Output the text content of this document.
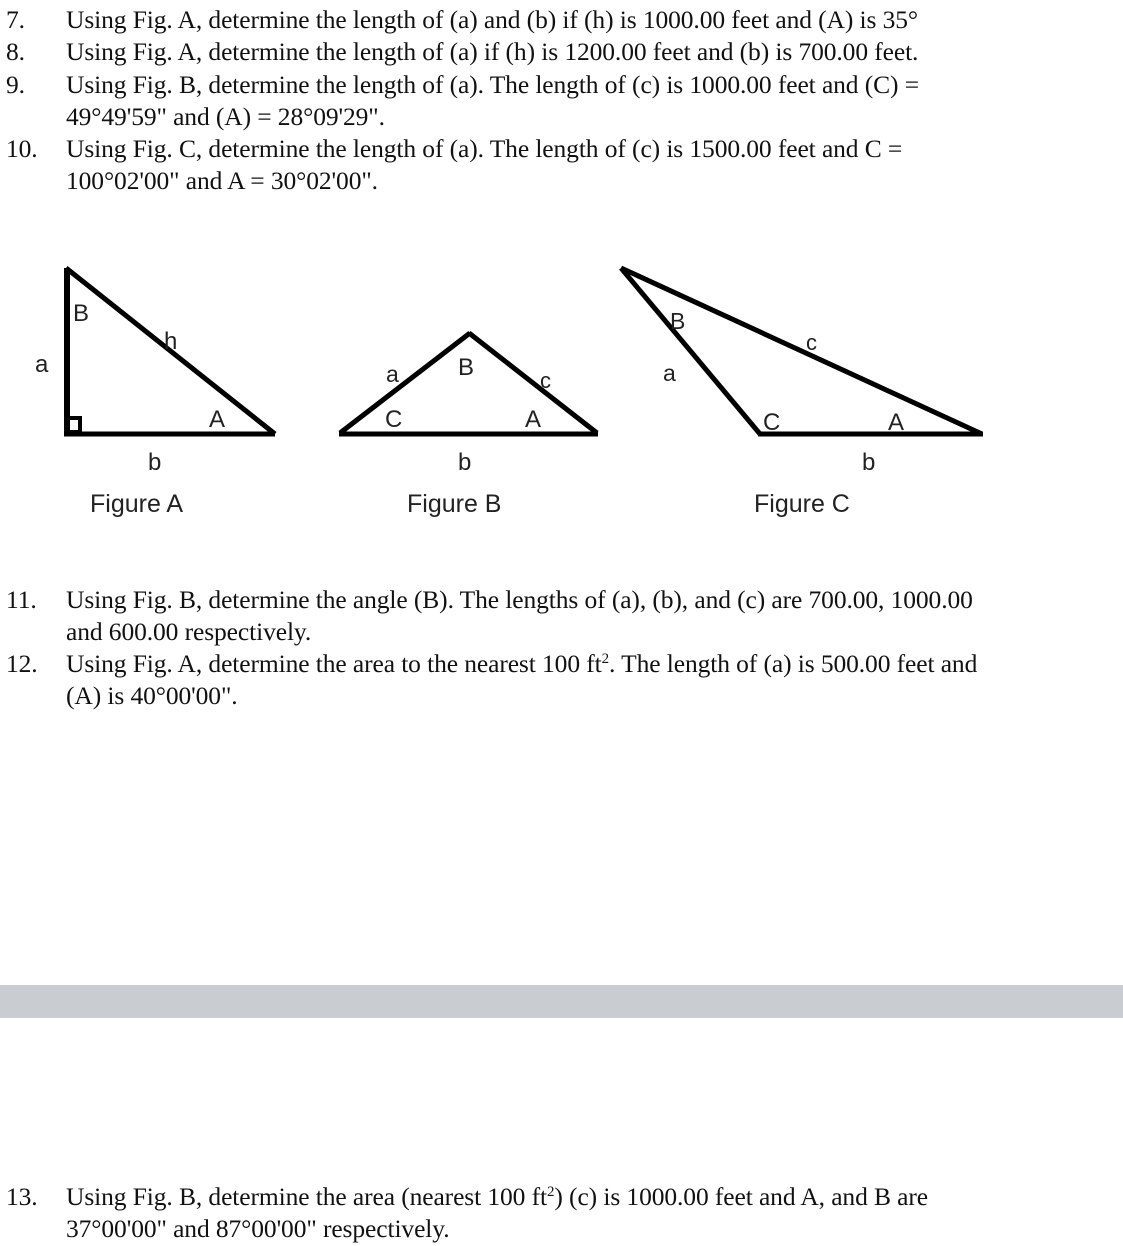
7. Using Fig. A, determine the length of (a) and (b) if (h) is 1000.00 feet and (A) is 35°
8. Using Fig. A, determine the length of (a) if (h) is 1200.00 feet and (b) is 700.00 feet.
9. Using Fig. B, determine the length of (a). The length of (c) is 1000.00 feet and (C) =
49°49'59" and (A) = 28°09'29".
10. Using Fig. C, determine the length of (a). The length of (c) is 1500.00 feet and C =
100°02'00" and A = 30°02'00".
B
h
a
A
b
a B	c
C	A
b
B
c
a
C	A
b
Figure A	Figure B	Figure C
11. Using Fig. B, determine the angle (B). The lengths of (a), (b), and (c) are 700.00, 1000.00
and 600.00 respectively.
12. Using Fig. A, determine the area to the nearest 100 $ft^2$. The length of (a) is 500.00 feet and
(A) is 40°00'00".
13. Using Fig. B, determine the area (nearest 100 $ft^2$) (c) is 1000.00 feet and A, and B are
37°00'00" and 87°00'00" respectively.
